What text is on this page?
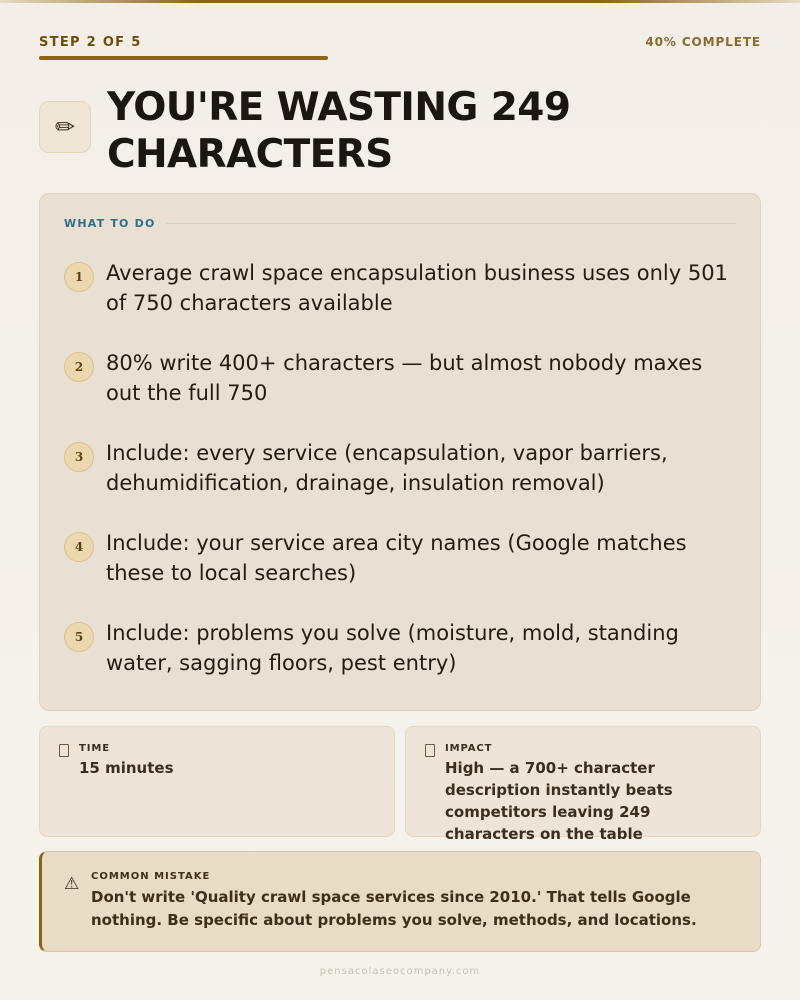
STEP 2 OF 5	40% COMPLETE
✏ YOU'RE WASTING 249 CHARACTERS
WHAT TO DO
1	Average crawl space encapsulation business uses only 501 of 750 characters available

2	80% write 400+ characters — but almost nobody maxes out the full 750

3	Include: every service (encapsulation, vapor barriers, dehumidification, drainage, insulation removal)

4	Include: your service area city names (Google matches these to local searches)

5	Include: problems you solve (moisture, mold, standing water, sagging floors, pest entry)

TIME

15 minutes

IMPACT

High — a 700+ character description instantly beats competitors leaving 249 characters on the table

⚠ COMMON MISTAKE

Don't write 'Quality crawl space services since 2010.' That tells Google nothing. Be specific about problems you solve, methods, and locations.

pensacolaseocompany.com
